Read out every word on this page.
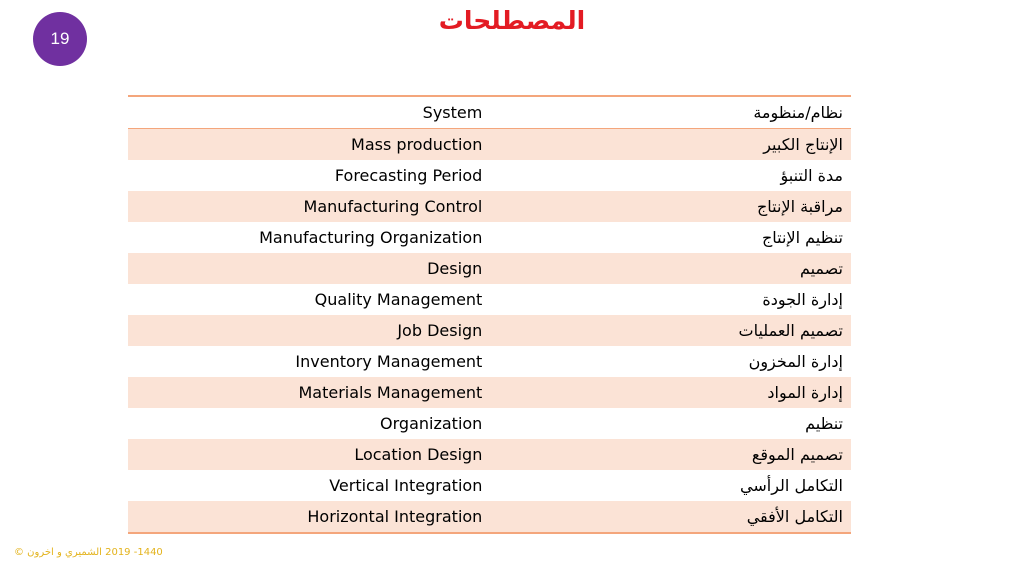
19
المصطلحات
System	نظام/منظومة
Mass production	الإنتاج الكبير
Forecasting Period	مدة التنبؤ
Manufacturing Control	مراقبة الإنتاج
Manufacturing Organization	تنظيم الإنتاج
Design	تصميم
Quality Management	إدارة الجودة
Job Design	تصميم العمليات
Inventory Management	إدارة المخزون
Materials Management	إدارة المواد
Organization	تنظيم
Location Design	تصميم الموقع
Vertical Integration	التكامل الرأسي
Horizontal Integration	التكامل الأفقي
1440- 2019 الشميري و اخرون ©
